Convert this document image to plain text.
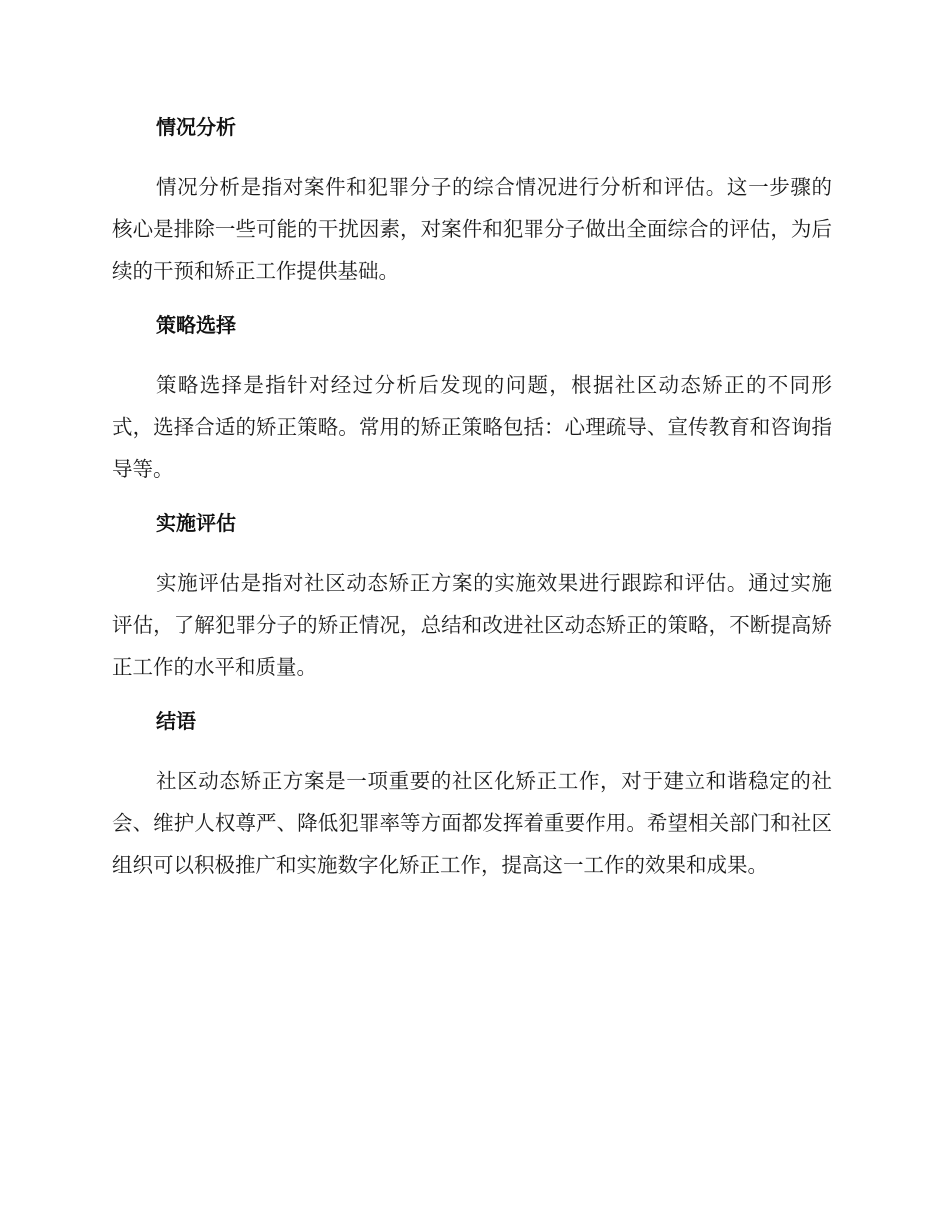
情况分析

情况分析是指对案件和犯罪分子的综合情况进行分析和评估。这一步骤的核心是排除一些可能的干扰因素，对案件和犯罪分子做出全面综合的评估，为后续的干预和矫正工作提供基础。

策略选择

策略选择是指针对经过分析后发现的问题，根据社区动态矫正的不同形式，选择合适的矫正策略。常用的矫正策略包括：心理疏导、宣传教育和咨询指导等。

实施评估

实施评估是指对社区动态矫正方案的实施效果进行跟踪和评估。通过实施评估，了解犯罪分子的矫正情况，总结和改进社区动态矫正的策略，不断提高矫正工作的水平和质量。

结语

社区动态矫正方案是一项重要的社区化矫正工作，对于建立和谐稳定的社会、维护人权尊严、降低犯罪率等方面都发挥着重要作用。希望相关部门和社区组织可以积极推广和实施数字化矫正工作，提高这一工作的效果和成果。
